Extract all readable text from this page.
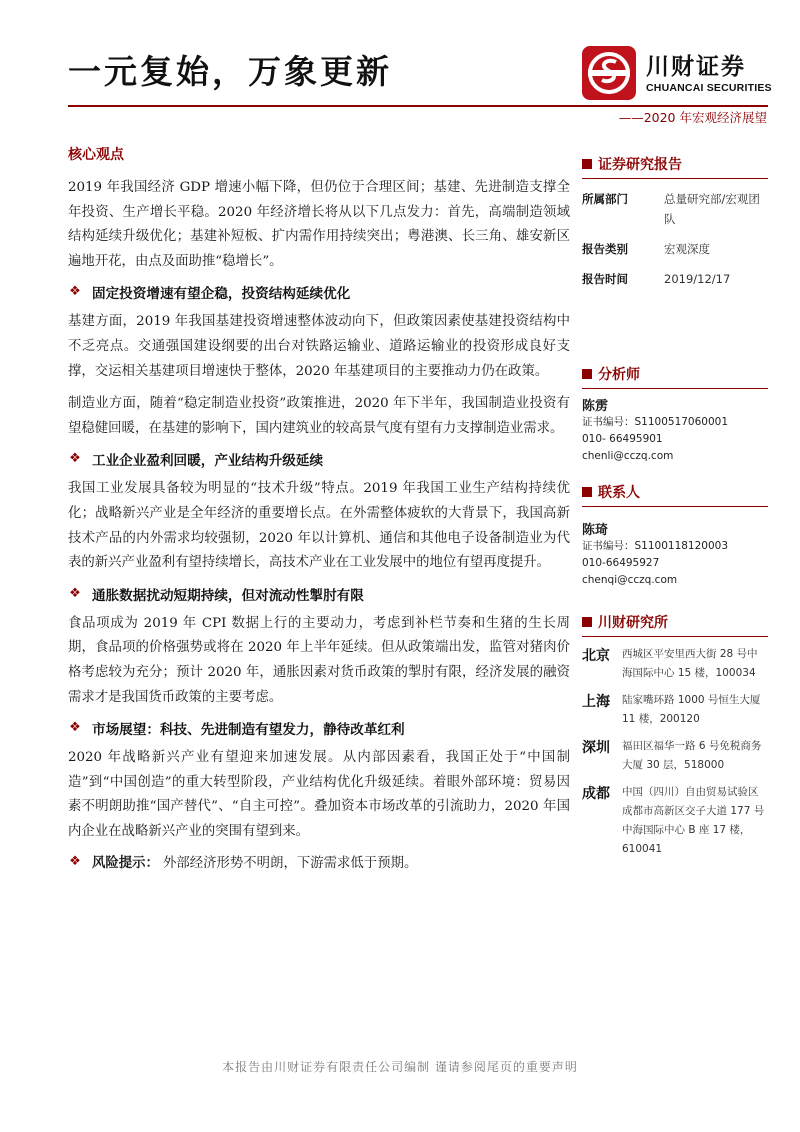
一元复始，万象更新	川财证券
CHUANCAI SECURITIES
——2020 年宏观经济展望
核心观点

2019 年我国经济 GDP 增速小幅下降，但仍位于合理区间；基建、先进制造支撑全年投资、生产增长平稳。2020 年经济增长将从以下几点发力：首先，高端制造领域结构延续升级优化；基建补短板、扩内需作用持续突出；粤港澳、长三角、雄安新区遍地开花，由点及面助推“稳增长”。

❖ 固定投资增速有望企稳，投资结构延续优化

基建方面，2019 年我国基建投资增速整体波动向下，但政策因素使基建投资结构中不乏亮点。交通强国建设纲要的出台对铁路运输业、道路运输业的投资形成良好支撑，交运相关基建项目增速快于整体，2020 年基建项目的主要推动力仍在政策。

制造业方面，随着“稳定制造业投资”政策推进，2020 年下半年，我国制造业投资有望稳健回暖，在基建的影响下，国内建筑业的较高景气度有望有力支撑制造业需求。

❖ 工业企业盈利回暖，产业结构升级延续

我国工业发展具备较为明显的“技术升级”特点。2019 年我国工业生产结构持续优化；战略新兴产业是全年经济的重要增长点。在外需整体疲软的大背景下，我国高新技术产品的内外需求均较强韧，2020 年以计算机、通信和其他电子设备制造业为代表的新兴产业盈利有望持续增长，高技术产业在工业发展中的地位有望再度提升。

❖ 通胀数据扰动短期持续，但对流动性掣肘有限

食品项成为 2019 年 CPI 数据上行的主要动力，考虑到补栏节奏和生猪的生长周期，食品项的价格强势或将在 2020 年上半年延续。但从政策端出发，监管对猪肉价格考虑较为充分；预计 2020 年，通胀因素对货币政策的掣肘有限，经济发展的融资需求才是我国货币政策的主要考虑。

❖ 市场展望：科技、先进制造有望发力，静待改革红利

2020 年战略新兴产业有望迎来加速发展。从内部因素看，我国正处于“中国制造”到“中国创造”的重大转型阶段，产业结构优化升级延续。着眼外部环境：贸易因素不明朗助推“国产替代”、“自主可控”。叠加资本市场改革的引流助力，2020 年国内企业在战略新兴产业的突围有望到来。

❖ 风险提示： 外部经济形势不明朗，下游需求低于预期。
证券研究报告
所属部门	总量研究部/宏观团队
报告类别	宏观深度
报告时间	2019/12/17
分析师
陈雳
证书编号：S1100517060001
010- 66495901
chenli@cczq.com
联系人
陈琦
证书编号：S1100118120003
010-66495927
chenqi@cczq.com
川财研究所
北京	西城区平安里西大街 28 号中海国际中心 15 楼，100034
上海	陆家嘴环路 1000 号恒生大厦 11 楼，200120
深圳	福田区福华一路 6 号免税商务大厦 30 层，518000
成都	中国（四川）自由贸易试验区成都市高新区交子大道 177 号中海国际中心 B 座 17 楼，610041
本报告由川财证券有限责任公司编制 谨请参阅尾页的重要声明
